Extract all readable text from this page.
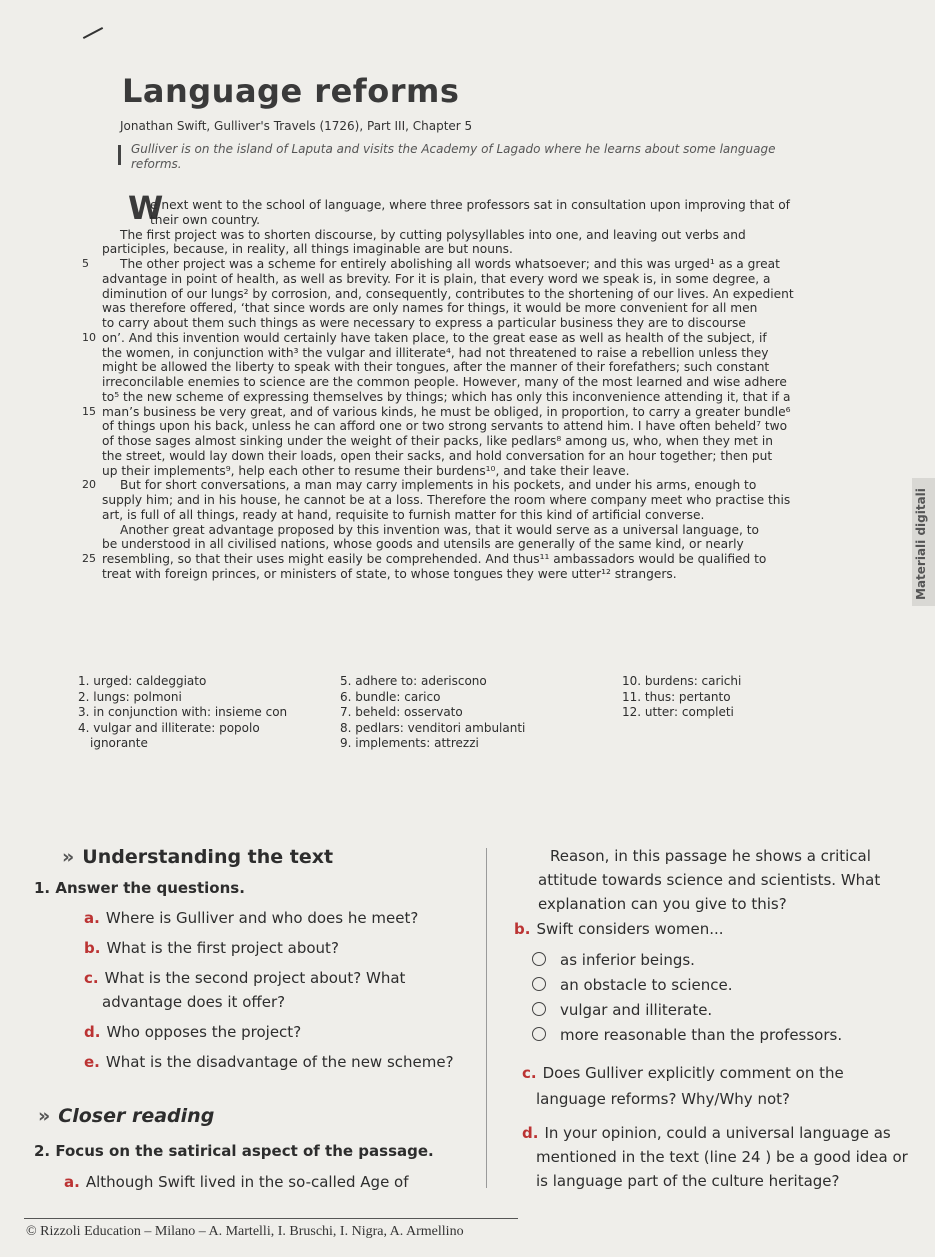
Language reforms
Jonathan Swift, Gulliver's Travels (1726), Part III, Chapter 5
Gulliver is on the island of Laputa and visits the Academy of Lagado where he learns about some language reforms.
W
e next went to the school of language, where three professors sat in consultation upon improving that of
their own country.
The first project was to shorten discourse, by cutting polysyllables into one, and leaving out verbs and
participles, because, in reality, all things imaginable are but nouns.
5	The other project was a scheme for entirely abolishing all words whatsoever; and this was urged¹ as a great
advantage in point of health, as well as brevity. For it is plain, that every word we speak is, in some degree, a
diminution of our lungs² by corrosion, and, consequently, contributes to the shortening of our lives. An expedient
was therefore offered, ‘that since words are only names for things, it would be more convenient for all men
to carry about them such things as were necessary to express a particular business they are to discourse
10 on’. And this invention would certainly have taken place, to the great ease as well as health of the subject, if
the women, in conjunction with³ the vulgar and illiterate⁴, had not threatened to raise a rebellion unless they
might be allowed the liberty to speak with their tongues, after the manner of their forefathers; such constant
irreconcilable enemies to science are the common people. However, many of the most learned and wise adhere
to⁵ the new scheme of expressing themselves by things; which has only this inconvenience attending it, that if a
15 man’s business be very great, and of various kinds, he must be obliged, in proportion, to carry a greater bundle⁶
of things upon his back, unless he can afford one or two strong servants to attend him. I have often beheld⁷ two
of those sages almost sinking under the weight of their packs, like pedlars⁸ among us, who, when they met in
the street, would lay down their loads, open their sacks, and hold conversation for an hour together; then put
up their implements⁹, help each other to resume their burdens¹⁰, and take their leave.
20	But for short conversations, a man may carry implements in his pockets, and under his arms, enough to
supply him; and in his house, he cannot be at a loss. Therefore the room where company meet who practise this
art, is full of all things, ready at hand, requisite to furnish matter for this kind of artificial converse.
Another great advantage proposed by this invention was, that it would serve as a universal language, to
be understood in all civilised nations, whose goods and utensils are generally of the same kind, or nearly
25 resembling, so that their uses might easily be comprehended. And thus¹¹ ambassadors would be qualified to
treat with foreign princes, or ministers of state, to whose tongues they were utter¹² strangers.	Materiali digitali
1. urged: caldeggiato
2. lungs: polmoni
3. in conjunction with: insieme con
4. vulgar and illiterate: popolo
ignorante
5. adhere to: aderiscono
6. bundle: carico
7. beheld: osservato
8. pedlars: venditori ambulanti
9. implements: attrezzi
10. burdens: carichi
11. thus: pertanto
12. utter: completi
» Understanding the text
1. Answer the questions.
a. Where is Gulliver and who does he meet?
b. What is the first project about?
c. What is the second project about? What
advantage does it offer?
d. Who opposes the project?
e. What is the disadvantage of the new scheme?
» Closer reading
2. Focus on the satirical aspect of the passage.
a. Although Swift lived in the so-called Age of
Reason, in this passage he shows a critical
attitude towards science and scientists. What
explanation can you give to this?
b. Swift considers women...
as inferior beings.
an obstacle to science.
vulgar and illiterate.
more reasonable than the professors.
c. Does Gulliver explicitly comment on the
language reforms? Why/Why not?
d. In your opinion, could a universal language as
mentioned in the text (line 24 ) be a good idea or
is language part of the culture heritage?
© Rizzoli Education – Milano – A. Martelli, I. Bruschi, I. Nigra, A. Armellino
